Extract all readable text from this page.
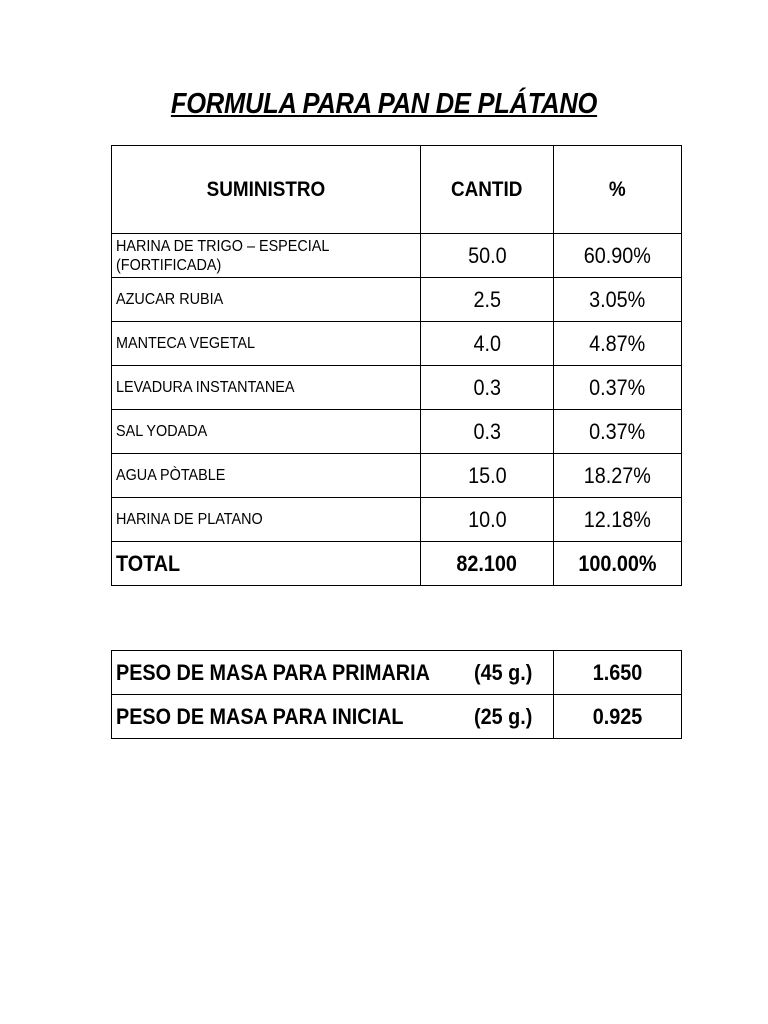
FORMULA PARA PAN DE PLÁTANO
SUMINISTRO	CANTID	%
HARINA DE TRIGO – ESPECIAL (FORTIFICADA)	50.0	60.90%
AZUCAR RUBIA	2.5	3.05%
MANTECA VEGETAL	4.0	4.87%
LEVADURA INSTANTANEA	0.3	0.37%
SAL YODADA	0.3	0.37%
AGUA PÒTABLE	15.0	18.27%
HARINA DE PLATANO	10.0	12.18%
TOTAL	82.100	100.00%
PESO DE MASA PARA PRIMARIA (45 g.)	1.650
PESO DE MASA PARA INICIAL (25 g.)	0.925
